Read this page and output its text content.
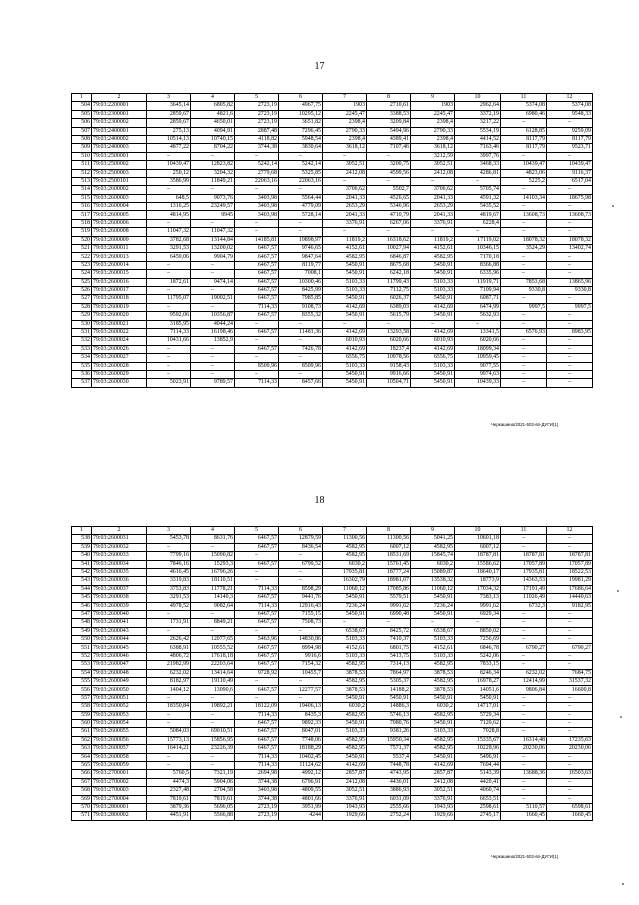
17
1	2	3	4	5	6	7	8	9	10	11	12
504	79:03:2200001	3645,14	6805,82	2723,19	4967,75	1903	2710,61	1903	2962,64	5374,08	5374,08
505	79:03:2300001	2859,67	4821,6	2723,19	10295,12	2245,47	3388,53	2245,47	3372,19	6980,46	9548,33
506	79:03:2300002	2859,67	4650,01	2723,19	3651,82	2398,4	3209,84	2398,4	3217,22	–	–
507	79:03:2400001	275,13	4094,91	2887,48	7296,45	2790,33	5494,96	2790,33	5534,19	6128,85	9259,09
508	79:03:2400002	10514,13	10740,15	4118,82	5948,54	2398,4	4389,41	2398,4	4414,52	8117,79	8117,79
509	79:03:2400003	4877,22	8704,22	3744,38	3830,64	3618,12	7107,46	3618,12	7163,46	8117,79	9523,71
510	79:03:2500001	–	–	–	–	–	–	3212,59	3997,76	–	–
511	79:03:2500002	10439,47	12823,82	5242,14	5242,14	3052,51	3200,75	3052,51	3468,33	10439,47	10439,47
512	79:03:2500003	250,12	3204,32	2779,68	5325,85	2412,08	4599,56	2412,08	4286,81	4823,06	9116,37
513	79:03:2500101	3586,99	11849,21	22063,16	22063,16	–	–	–	–	5225,2	6517,04
514	79:03:2600002	–	–	–	–	3706,62	5502,7	3706,62	5705,74	–	–
515	79:03:2600003	648,5	9073,76	3403,98	5564,44	2041,33	4526,65	2041,33	4591,32	14103,34	18675,98
516	79:03:2600004	1316,25	23249,57	3403,98	4779,09	2653,29	5346,96	2653,29	5435,52	–	–
517	79:03:2600005	4814,95	9945	3403,98	5728,14	2041,33	4710,79	2041,33	4819,67	13608,73	13608,73
518	79:03:2600006	–	–	–	–	3376,91	6267,06	3376,91	6228,4	–	–
519	79:03:2600008	11047,32	11047,32	–	–	–	–	–	–	–	–
520	79:03:2600009	3782,68	13144,84	14185,81	19898,97	11819,2	16318,62	11819,2	17119,02	18078,32	18078,32
521	79:03:2600011	3291,53	13200,02	6467,57	9746,65	4152,61	10027,94	4152,61	10346,15	3524,29	13402,74
522	79:03:2600013	6459,06	9904,79	6467,57	9847,64	4582,95	6846,87	4582,95	7170,18	–	–
523	79:03:2600014	–	–	6467,57	8119,77	5450,91	8675,68	5450,91	8366,88	–	–
524	79:03:2600015	–	–	6467,57	7008,1	5450,91	6242,18	5450,91	6335,96	–	–
525	79:03:2600016	1872,61	9474,14	6467,57	10300,46	5103,33	11799,43	5103,33	11919,71	7853,68	13865,96
526	79:03:2600017	–	–	6467,57	8425,99	5103,33	7112,75	5103,33	7109,94	9330,8	9330,8
527	79:03:2600018	11795,07	19002,51	6467,57	7985,85	5450,91	6026,37	5450,91	6087,71	–	–
528	79:03:2600019	–	–	7114,33	9108,73	4142,69	6389,03	4142,69	6474,99	9997,5	9997,5
529	79:03:2600020	9592,06	10356,87	6467,57	8355,32	5450,91	5615,79	5450,91	5632,93	–	–
530	79:03:2600021	3185,95	4044,24	–	–	–	–	–	–	–	–
531	79:03:2600022	7114,33	16198,46	6467,57	11481,36	4142,69	13293,58	4142,69	13341,5	6576,93	8983,95
532	79:03:2600024	10431,66	13852,9	–	–	6010,93	6020,66	6010,93	6020,66	–	–
533	79:03:2600026	–	–	6467,57	7426,78	4142,69	18237,4	4142,69	18099,34	–	–
534	79:03:2600027	–	–	–	–	6556,75	10978,56	6556,75	10959,45	–	–
535	79:03:2600028	–	–	8509,96	8509,96	5103,33	9158,43	5103,33	9077,55	–	–
536	79:03:2600029	–	–	–	–	5450,91	9916,66	5450,91	9974,63	–	–
537	79:03:2600030	5023,91	9789,57	7114,33	8457,66	5450,91	10504,71	5450,91	10439,33	–	–
Черкашина/2021-502-вп-ДУГИ(1)
18
1	2	3	4	5	6	7	8	9	10	11	12
538	79:03:2600031	5453,78	8631,76	6467,57	12879,59	11300,56	11300,56	5041,25	10601,18	–	–
539	79:03:2600032	–	–	6467,57	8436,54	4582,95	6007,12	4582,95	6007,12	–	–
540	79:03:2600033	7799,16	15090,82	–	–	4582,95	18531,69	15845,74	18787,81	18787,81	18787,81
541	79:03:2600034	7846,16	15293,3	6467,57	6799,52	6030,2	15761,45	6030,2	15586,62	17057,89	17057,89
542	79:03:2600035	4616,45	16796,26	–	–	17935,81	18777,24	15089,87	18640,17	17935,81	18522,53
543	79:03:2600036	3319,83	18110,51	–	–	16302,79	18981,07	13538,32	18773,9	14363,53	19981,29
544	79:03:2600037	3753,83	11778,21	7114,33	8598,29	11060,12	17085,86	11060,12	17034,32	17191,49	17686,64
545	79:03:2600038	3291,53	14140,3	6467,57	9441,76	5450,91	5579,51	5450,91	7383,13	11026,49	14440,63
546	79:03:2600039	4978,52	9082,64	7114,33	12916,43	7236,24	9991,62	7236,24	9991,62	6732,3	9182,95
547	79:03:2600040	–	–	6467,57	7155,15	5450,91	6990,48	5450,91	6929,34	–	–
548	79:03:2600041	1731,91	8849,21	6467,57	7508,73	–	–	–	–	–	–
549	79:03:2600043	–	–	–	–	6538,67	8425,72	6538,67	8850,02	–	–
550	79:03:2600044	2626,42	12077,65	5463,96	14830,86	5103,33	7410,37	5103,33	7256,69	–	–
551	79:03:2600045	6388,91	10555,52	6467,57	8994,98	4152,61	6801,75	4152,61	6846,78	6790,27	6790,27
552	79:03:2600046	4806,72	17618,18	6467,57	9916,6	5103,33	5413,75	5103,33	5242,06	–	–
553	79:03:2600047	21982,99	22203,64	6467,57	7154,32	4582,95	7314,13	4582,95	7833,15	–	–
554	79:03:2600048	6232,02	13414,64	9728,92	10455,7	3878,53	7864,97	3878,53	8246,34	6232,02	7684,75
555	79:03:2600049	8182,97	19110,49	–	–	4582,95	5305,37	4582,95	16978,27	12414,99	31537,32
556	79:03:2600050	1404,12	13090,6	6467,57	12277,57	3878,53	14188,2	3878,53	14051,6	9806,84	16600,8
557	79:03:2600051	–	–	–	–	5450,91	5450,91	5450,91	5450,91	–	–
558	79:03:2600052	18350,84	19892,21	18122,09	19406,13	6030,2	14886,3	6030,2	14717,01	–	–
559	79:03:2600053	–	–	7114,33	8435,3	4582,95	5746,13	4582,95	5729,34	–	–
560	79:03:2600054	–	–	6467,57	9892,33	5450,91	7080,76	5450,91	7120,62	–	–
561	79:03:2600055	5084,03	69010,51	6467,57	8047,01	5103,33	9381,26	5103,33	7028,8	–	–
562	79:03:2600056	15773,13	15856,95	6467,57	7748,06	4582,95	15950,34	4582,95	15335,67	16314,48	17235,63
563	79:03:2600057	16414,21	23226,39	6467,57	18188,29	4582,95	7571,37	4582,95	10228,96	20230,06	20230,06
564	79:03:2600058	–	–	7114,33	10402,45	5450,91	5537,4	5450,91	5496,91	–	–
565	79:03:2600059	–	–	7114,33	11124,62	4142,69	7448,78	4142,69	7694,44	–	–
566	79:03:2700001	5760,5	7321,19	2694,98	4992,12	2857,87	4743,95	2857,87	5143,39	13688,36	16503,63
567	79:03:2700002	4474,3	5904,06	3744,38	6796,91	2412,08	4436,01	2412,08	4420,41	–	–
568	79:03:2700003	2327,48	2704,58	3403,98	4809,55	3052,51	3886,93	3052,51	4060,74	–	–
569	79:03:2700004	7819,61	7819,61	3744,38	4801,66	3376,91	6031,09	3376,91	6653,51	–	–
570	79:03:2800001	3879,36	5696,05	2723,19	3951,99	1943,93	2555,66	1943,93	2598,61	5110,57	6598,61
571	79:03:2800002	4451,91	5566,88	2723,19	4244	1929,66	2752,24	1929,66	2745,17	1660,45	1660,45
Черкашина/2021-502-вп-ДУГИ(1)
